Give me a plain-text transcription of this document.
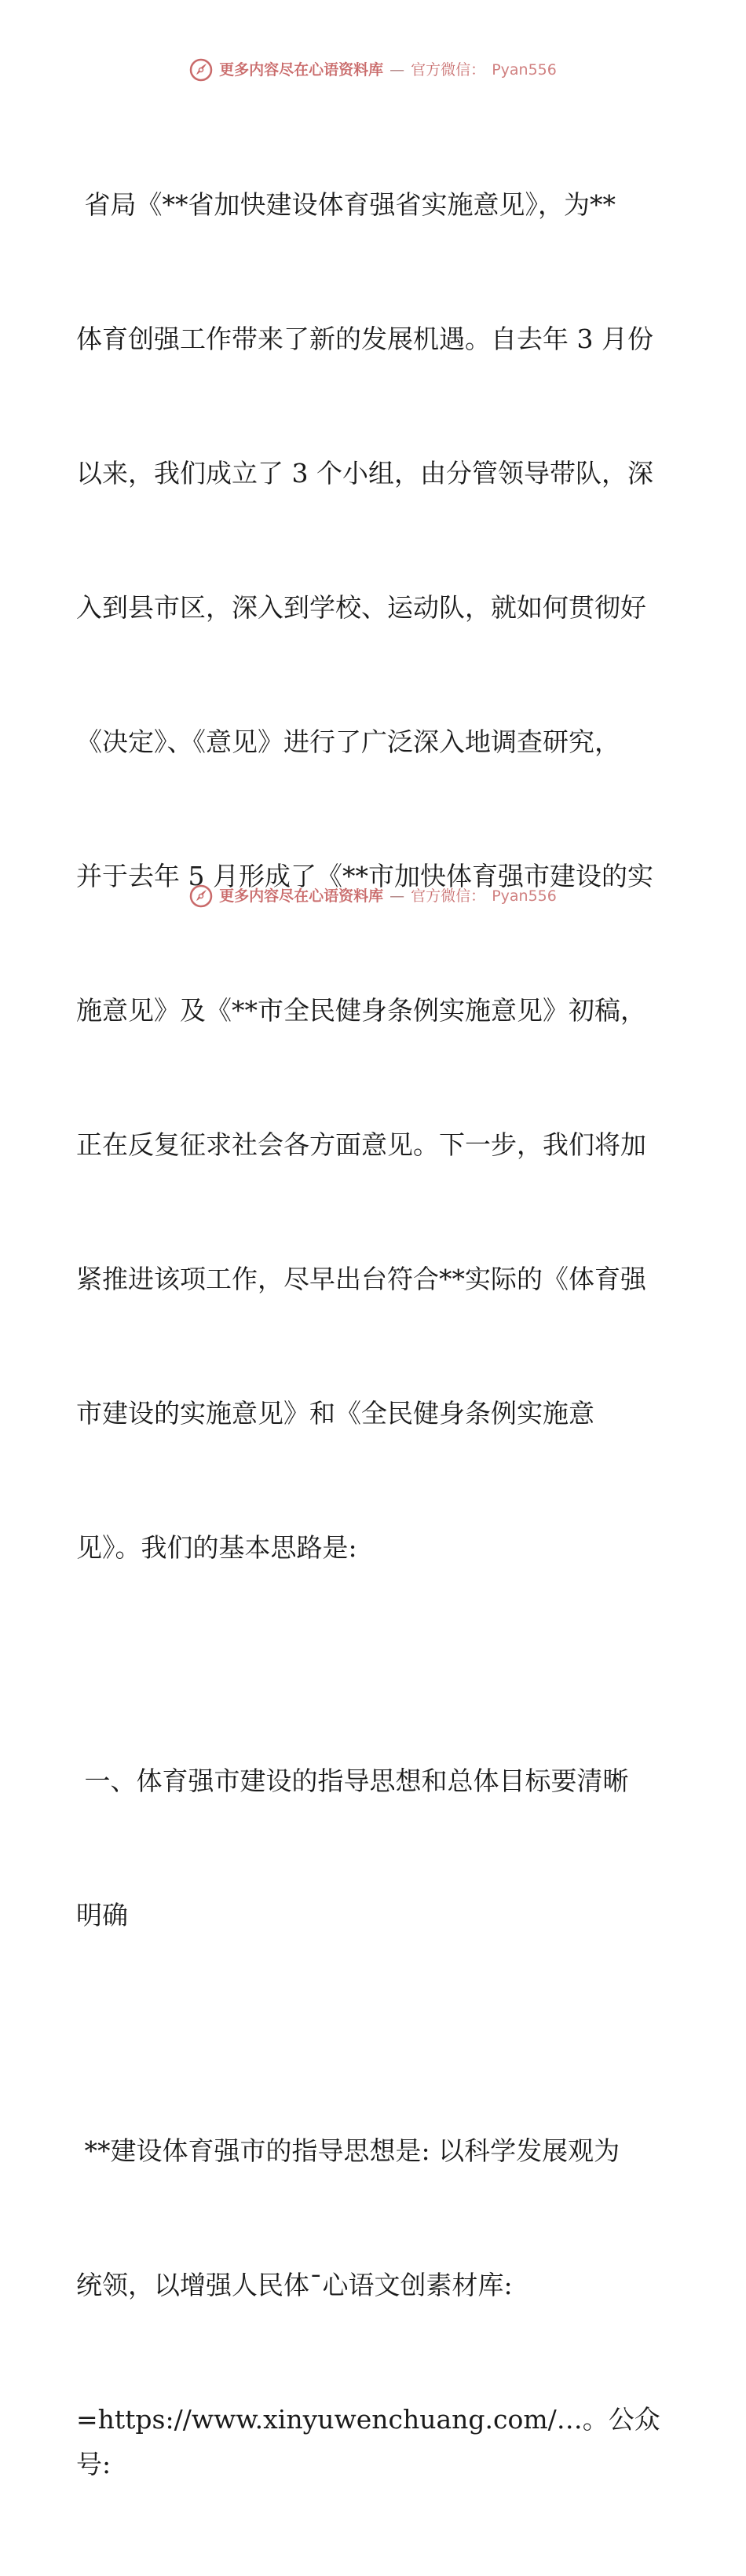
更多内容尽在心语资料库 — 官方微信： Pyan556

省局《**省加快建设体育强省实施意见》，为**

体育创强工作带来了新的发展机遇。自去年 3 月份

以来，我们成立了 3 个小组，由分管领导带队，深

入到县市区，深入到学校、运动队，就如何贯彻好

《决定》、《意见》进行了广泛深入地调查研究，

并于去年 5 月形成了《**市加快体育强市建设的实

施意见》及《**市全民健身条例实施意见》初稿，

正在反复征求社会各方面意见。下一步，我们将加

紧推进该项工作，尽早出台符合**实际的《体育强

市建设的实施意见》和《全民健身条例实施意

见》。我们的基本思路是:

一、体育强市建设的指导思想和总体目标要清晰

明确

**建设体育强市的指导思想是: 以科学发展观为

统领，以增强人民体¯心语文创素材库:

=https://www.xinyuwenchuang.com/…。公众号:

更多内容尽在心语资料库 — 官方微信： Pyan556
